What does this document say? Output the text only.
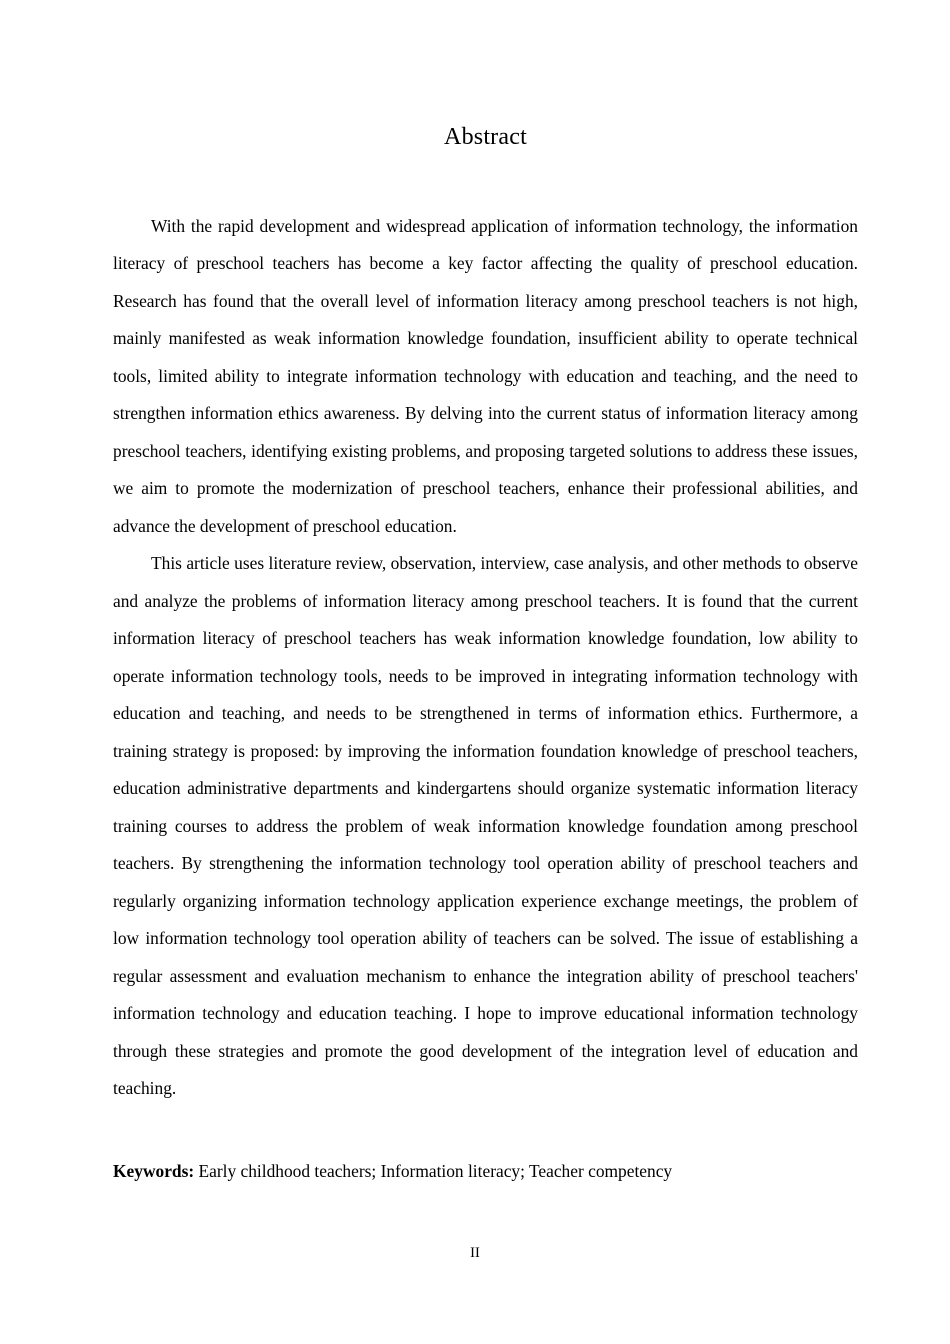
Abstract

With the rapid development and widespread application of information technology, the information literacy of preschool teachers has become a key factor affecting the quality of preschool education. Research has found that the overall level of information literacy among preschool teachers is not high, mainly manifested as weak information knowledge foundation, insufficient ability to operate technical tools, limited ability to integrate information technology with education and teaching, and the need to strengthen information ethics awareness. By delving into the current status of information literacy among preschool teachers, identifying existing problems, and proposing targeted solutions to address these issues, we aim to promote the modernization of preschool teachers, enhance their professional abilities, and advance the development of preschool education.

This article uses literature review, observation, interview, case analysis, and other methods to observe and analyze the problems of information literacy among preschool teachers. It is found that the current information literacy of preschool teachers has weak information knowledge foundation, low ability to operate information technology tools, needs to be improved in integrating information technology with education and teaching, and needs to be strengthened in terms of information ethics. Furthermore, a training strategy is proposed: by improving the information foundation knowledge of preschool teachers, education administrative departments and kindergartens should organize systematic information literacy training courses to address the problem of weak information knowledge foundation among preschool teachers. By strengthening the information technology tool operation ability of preschool teachers and regularly organizing information technology application experience exchange meetings, the problem of low information technology tool operation ability of teachers can be solved. The issue of establishing a regular assessment and evaluation mechanism to enhance the integration ability of preschool teachers' information technology and education teaching. I hope to improve educational information technology through these strategies and promote the good development of the integration level of education and teaching.

Keywords: Early childhood teachers; Information literacy; Teacher competency
II
